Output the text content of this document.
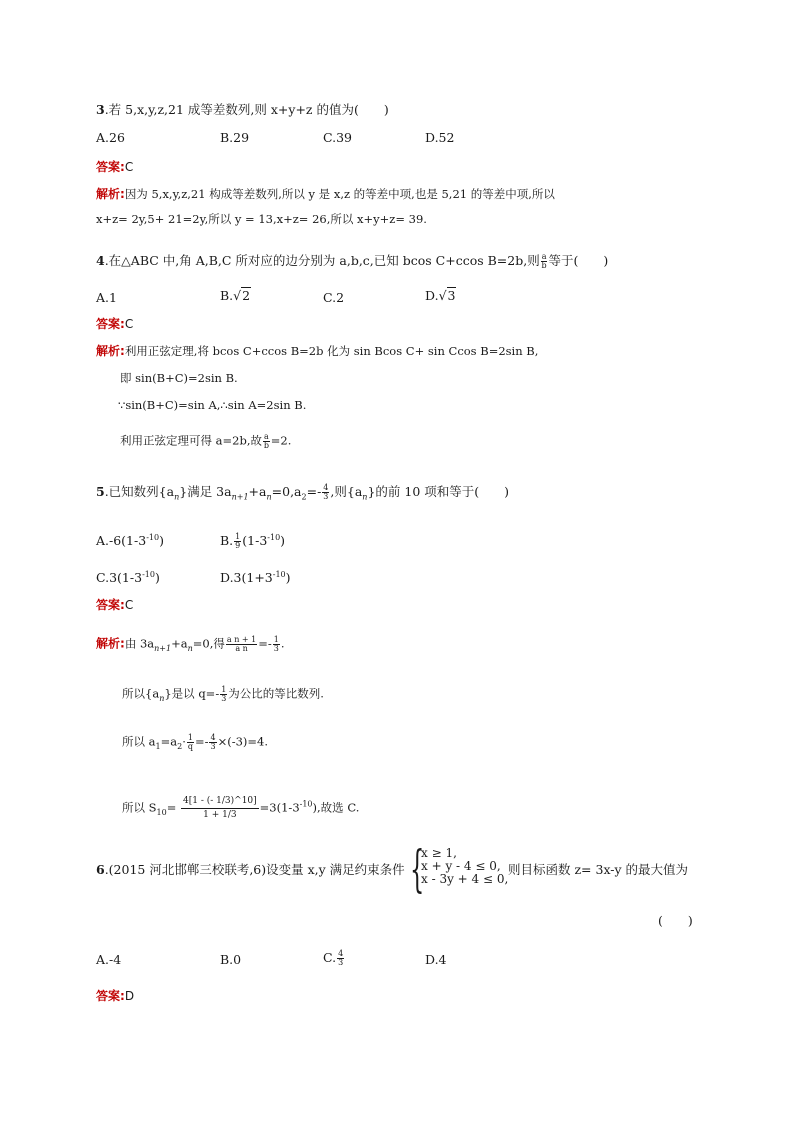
3.若 5,x,y,z,21 成等差数列,则 x+y+z 的值为(　　)
A.26	B.29	C.39	D.52
答案:C
解析:因为 5,x,y,z,21 构成等差数列,所以 y 是 x,z 的等差中项,也是 5,21 的等差中项,所以
x+z= 2y,5+ 21=2y,所以 y = 13,x+z= 26,所以 x+y+z= 39.
4.在△ABC 中,角 A,B,C 所对应的边分别为 a,b,c,已知 bcos C+ccos B=2b,则 $\frac{a}{b}$ 等于(　　)
A.1	B.√2	C.2	D.√3
答案:C
解析:利用正弦定理,将 bcos C+ccos B=2b 化为 sin Bcos C+ sin Ccos B=2sin B,
即 sin(B+C)=2sin B.
∵sin(B+C)=sin A,∴sin A=2sin B.
利用正弦定理可得 a=2b,故 $\frac{a}{b} =2$.
5.已知数列$\{a_n\}$满足 $3a_{n+1}+a_n=0,a_2=- \frac{4}{3}$ ,则$\{a_n\}$的前 10 项和等于(　　)
$A.-6(1-3^{-10})$	B. $\frac{1}{9} (1-3^{-10})$
$C.3(1-3^{-10})$	$D.3(1+3^{-10})$
答案:C
解析:由 $3a_{n+1}+a_n=0$,得 $\frac{\text{a n + 1}}{\text{a n}} =- \frac{1}{3}$ .
所以$\{a_n\}$是以 $q=- \frac{1}{3}$ 为公比的等比数列.
所以 $a_1=a_2\cdot \frac{1}{q} =- \frac{4}{3} \times(-3)=4$.
所以 $S_{10}= \frac{4[1 - (- 1/3)\^{}10]}{1 + 1/3} =3(1-3^{-10})$,故选 C.
6.(2015 河北邯郸三校联考,6)设变量 x,y 满足约束条件 {
x ≥ 1,
x + y - 4 ≤ 0,
x - 3y + 4 ≤ 0,
则目标函数 z= 3x-y 的最大值为
(　　)
A.-4	B.0	C. $\frac{4}{3}$	D.4
答案:D
